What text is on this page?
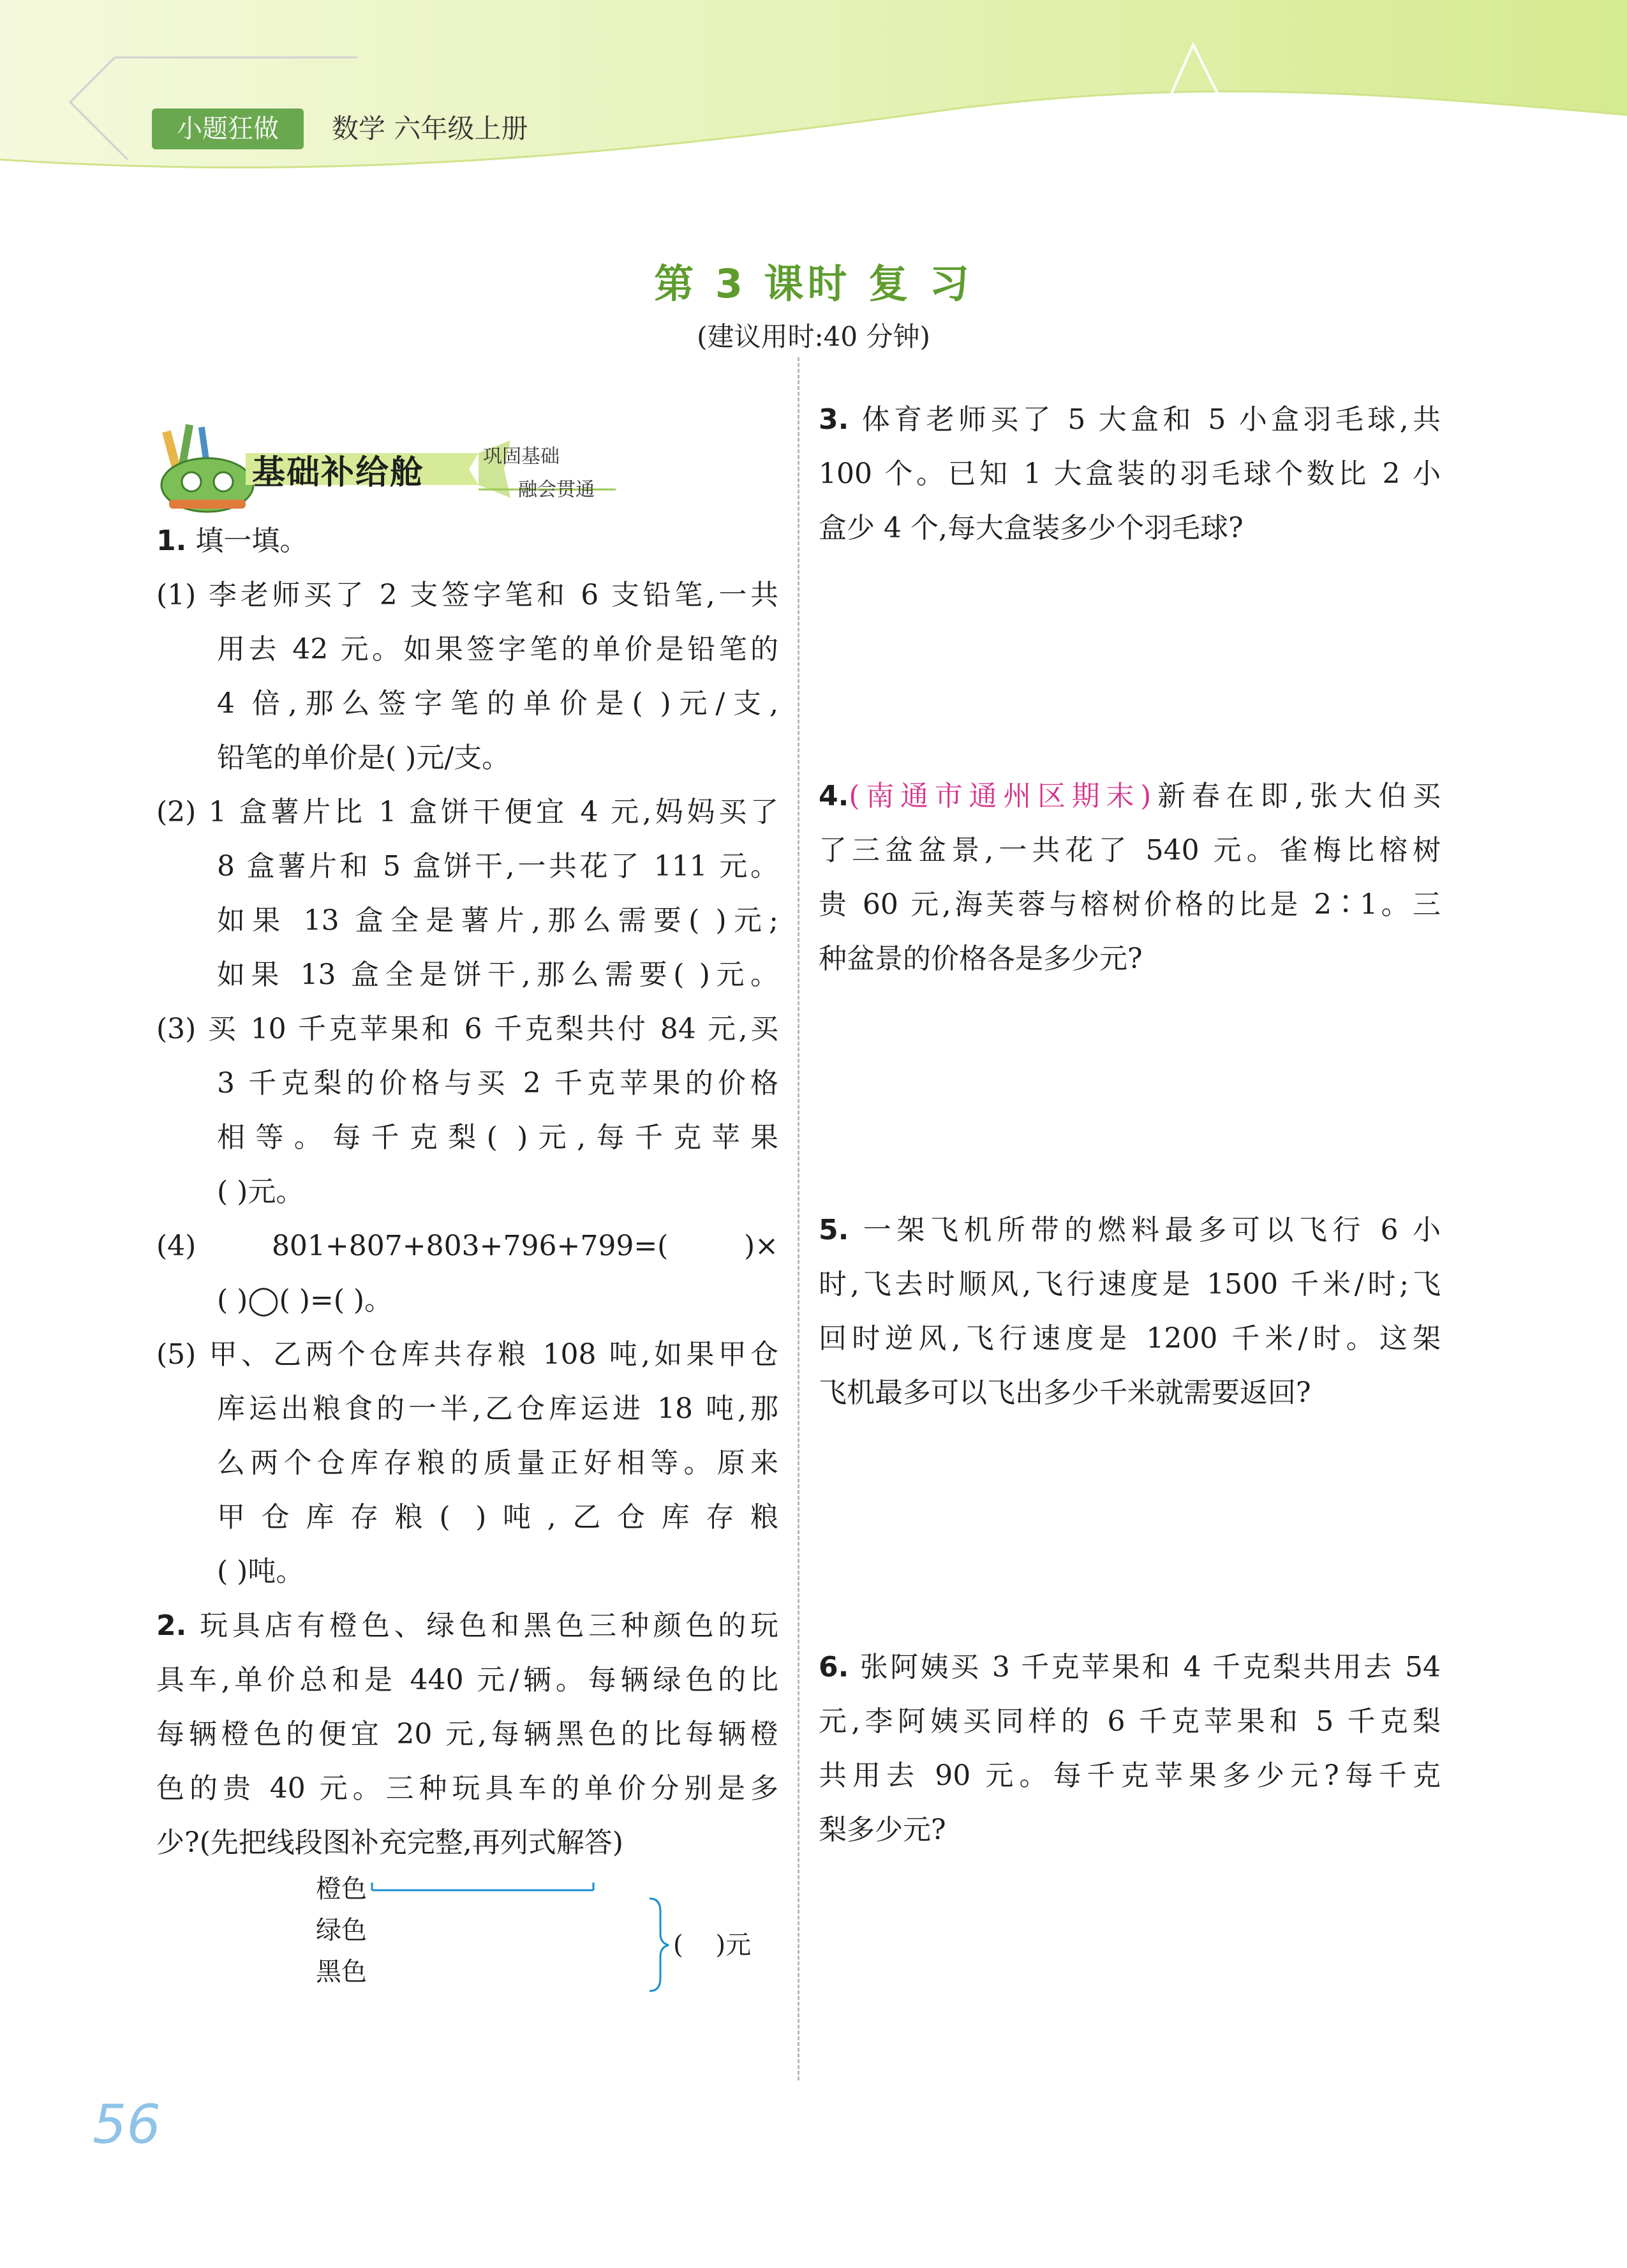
小题狂做	数学 六年级上册
第 3 课时 复 习
(建议用时:40 分钟)
基础补给舱	巩固基础
融会贯通
1. 填一填。
(1) 李老师买了 2 支签字笔和 6 支铅笔,一共
用去 42 元。如果签字笔的单价是铅笔的
4 倍,那么签字笔的单价是( )元/支,
铅笔的单价是( )元/支。
(2) 1 盒薯片比 1 盒饼干便宜 4 元,妈妈买了
8 盒薯片和 5 盒饼干,一共花了 111 元。
如果 13 盒全是薯片,那么需要( )元;
如果 13 盒全是饼干,那么需要( )元。
(3) 买 10 千克苹果和 6 千克梨共付 84 元,买
3 千克梨的价格与买 2 千克苹果的价格
相等。每千克梨( )元,每千克苹果
( )元。
(4) 801+807+803+796+799=( )×
( )◯( )=( )。
(5) 甲、乙两个仓库共存粮 108 吨,如果甲仓
库运出粮食的一半,乙仓库运进 18 吨,那
么两个仓库存粮的质量正好相等。原来
甲仓库存粮( )吨,乙仓库存粮
( )吨。
2. 玩具店有橙色、绿色和黑色三种颜色的玩
具车,单价总和是 440 元/辆。每辆绿色的比
每辆橙色的便宜 20 元,每辆黑色的比每辆橙
色的贵 40 元。三种玩具车的单价分别是多
少?(先把线段图补充完整,再列式解答)
橙色
绿色
黑色
(    )元
3. 体育老师买了 5 大盒和 5 小盒羽毛球,共
100 个。已知 1 大盒装的羽毛球个数比 2 小
盒少 4 个,每大盒装多少个羽毛球?
4.(南通市通州区期末)新春在即,张大伯买
了三盆盆景,一共花了 540 元。雀梅比榕树
贵 60 元,海芙蓉与榕树价格的比是 2∶1。三
种盆景的价格各是多少元?
5. 一架飞机所带的燃料最多可以飞行 6 小
时,飞去时顺风,飞行速度是 1500 千米/时;飞
回时逆风,飞行速度是 1200 千米/时。这架
飞机最多可以飞出多少千米就需要返回?
6. 张阿姨买 3 千克苹果和 4 千克梨共用去 54
元,李阿姨买同样的 6 千克苹果和 5 千克梨
共用去 90 元。每千克苹果多少元?每千克
梨多少元?
56
